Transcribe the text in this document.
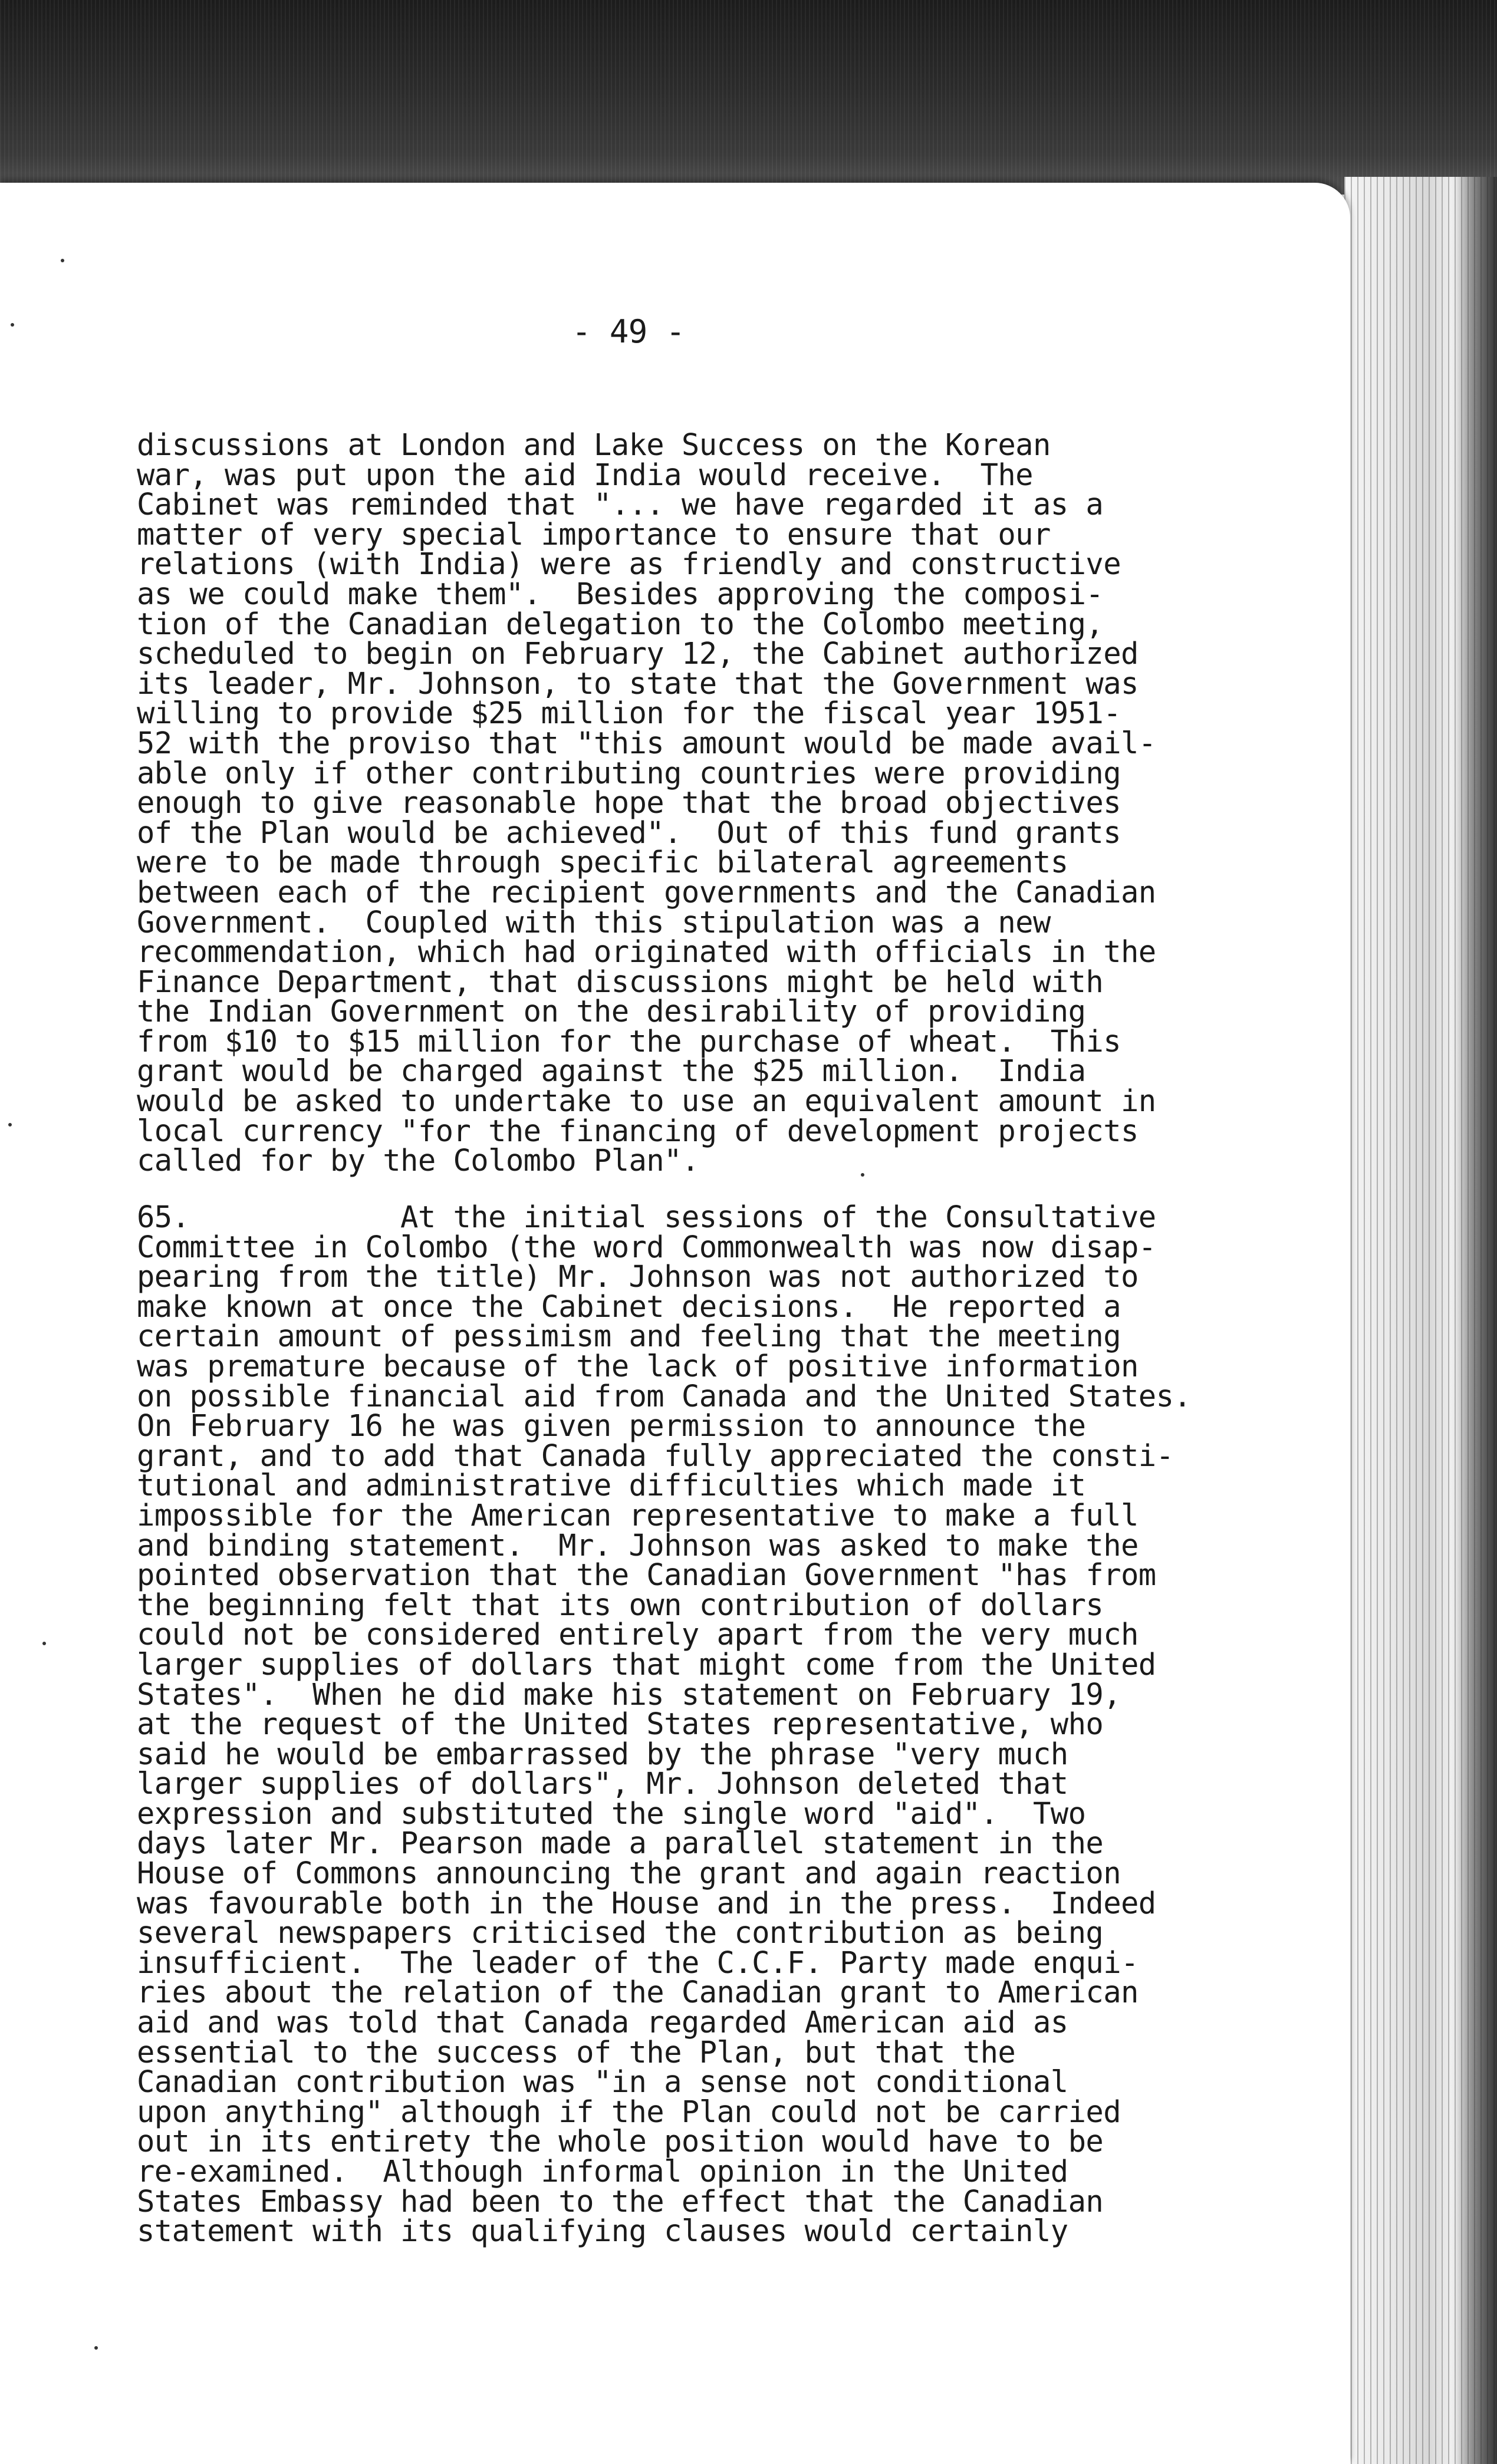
- 49 -
discussions at London and Lake Success on the Korean
war, was put upon the aid India would receive.  The
Cabinet was reminded that "... we have regarded it as a
matter of very special importance to ensure that our
relations (with India) were as friendly and constructive
as we could make them".  Besides approving the composi-
tion of the Canadian delegation to the Colombo meeting,
scheduled to begin on February 12, the Cabinet authorized
its leader, Mr. Johnson, to state that the Government was
willing to provide $25 million for the fiscal year 1951-
52 with the proviso that "this amount would be made avail-
able only if other contributing countries were providing
enough to give reasonable hope that the broad objectives
of the Plan would be achieved".  Out of this fund grants
were to be made through specific bilateral agreements
between each of the recipient governments and the Canadian
Government.  Coupled with this stipulation was a new
recommendation, which had originated with officials in the
Finance Department, that discussions might be held with
the Indian Government on the desirability of providing
from $10 to $15 million for the purchase of wheat.  This
grant would be charged against the $25 million.  India
would be asked to undertake to use an equivalent amount in
local currency "for the financing of development projects
called for by the Colombo Plan".
65.            At the initial sessions of the Consultative
Committee in Colombo (the word Commonwealth was now disap-
pearing from the title) Mr. Johnson was not authorized to
make known at once the Cabinet decisions.  He reported a
certain amount of pessimism and feeling that the meeting
was premature because of the lack of positive information
on possible financial aid from Canada and the United States.
On February 16 he was given permission to announce the
grant, and to add that Canada fully appreciated the consti-
tutional and administrative difficulties which made it
impossible for the American representative to make a full
and binding statement.  Mr. Johnson was asked to make the
pointed observation that the Canadian Government "has from
the beginning felt that its own contribution of dollars
could not be considered entirely apart from the very much
larger supplies of dollars that might come from the United
States".  When he did make his statement on February 19,
at the request of the United States representative, who
said he would be embarrassed by the phrase "very much
larger supplies of dollars", Mr. Johnson deleted that
expression and substituted the single word "aid".  Two
days later Mr. Pearson made a parallel statement in the
House of Commons announcing the grant and again reaction
was favourable both in the House and in the press.  Indeed
several newspapers criticised the contribution as being
insufficient.  The leader of the C.C.F. Party made enqui-
ries about the relation of the Canadian grant to American
aid and was told that Canada regarded American aid as
essential to the success of the Plan, but that the
Canadian contribution was "in a sense not conditional
upon anything" although if the Plan could not be carried
out in its entirety the whole position would have to be
re-examined.  Although informal opinion in the United
States Embassy had been to the effect that the Canadian
statement with its qualifying clauses would certainly
